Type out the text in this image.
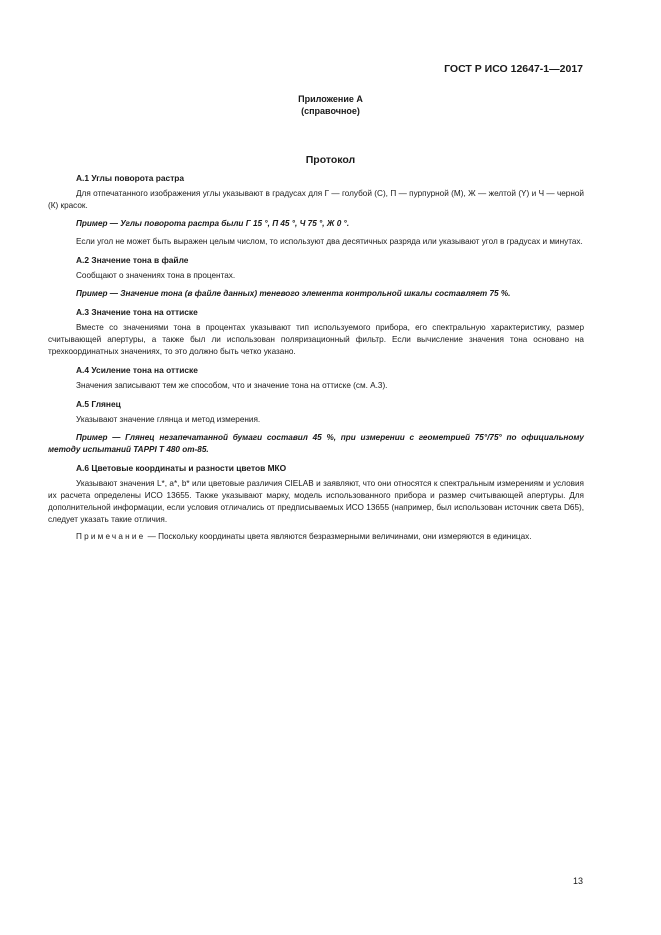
ГОСТ Р ИСО 12647-1—2017
Приложение А
(справочное)
Протокол
А.1 Углы поворота растра

Для отпечатанного изображения углы указывают в градусах для Г — голубой (С), П — пурпурной (М), Ж — желтой (Y) и Ч — черной (К) красок.

Пример — Углы поворота растра были Г 15 °, П 45 °, Ч 75 °, Ж 0 °.

Если угол не может быть выражен целым числом, то используют два десятичных разряда или указывают угол в градусах и минутах.

А.2 Значение тона в файле

Сообщают о значениях тона в процентах.

Пример — Значение тона (в файле данных) теневого элемента контрольной шкалы составляет 75 %.

А.3 Значение тона на оттиске

Вместе со значениями тона в процентах указывают тип используемого прибора, его спектральную характеристику, размер считывающей апертуры, а также был ли использован поляризационный фильтр. Если вычисление значения тона основано на трехкоординатных значениях, то это должно быть четко указано.

А.4 Усиление тона на оттиске

Значения записывают тем же способом, что и значение тона на оттиске (см. А.3).

А.5 Глянец

Указывают значение глянца и метод измерения.

Пример — Глянец незапечатанной бумаги составил 45 %, при измерении с геометрией 75°/75° по официальному методу испытаний TAPPI Т 480 om-85.

А.6 Цветовые координаты и разности цветов МКО

Указывают значения L*, a*, b* или цветовые различия CIELAB и заявляют, что они относятся к спектральным измерениям и условия их расчета определены ИСО 13655. Также указывают марку, модель использованного прибора и размер считывающей апертуры. Для дополнительной информации, если условия отличались от предписываемых ИСО 13655 (например, был использован источник света D65), следует указать такие отличия.

Примечание — Поскольку координаты цвета являются безразмерными величинами, они измеряются в единицах.

13
